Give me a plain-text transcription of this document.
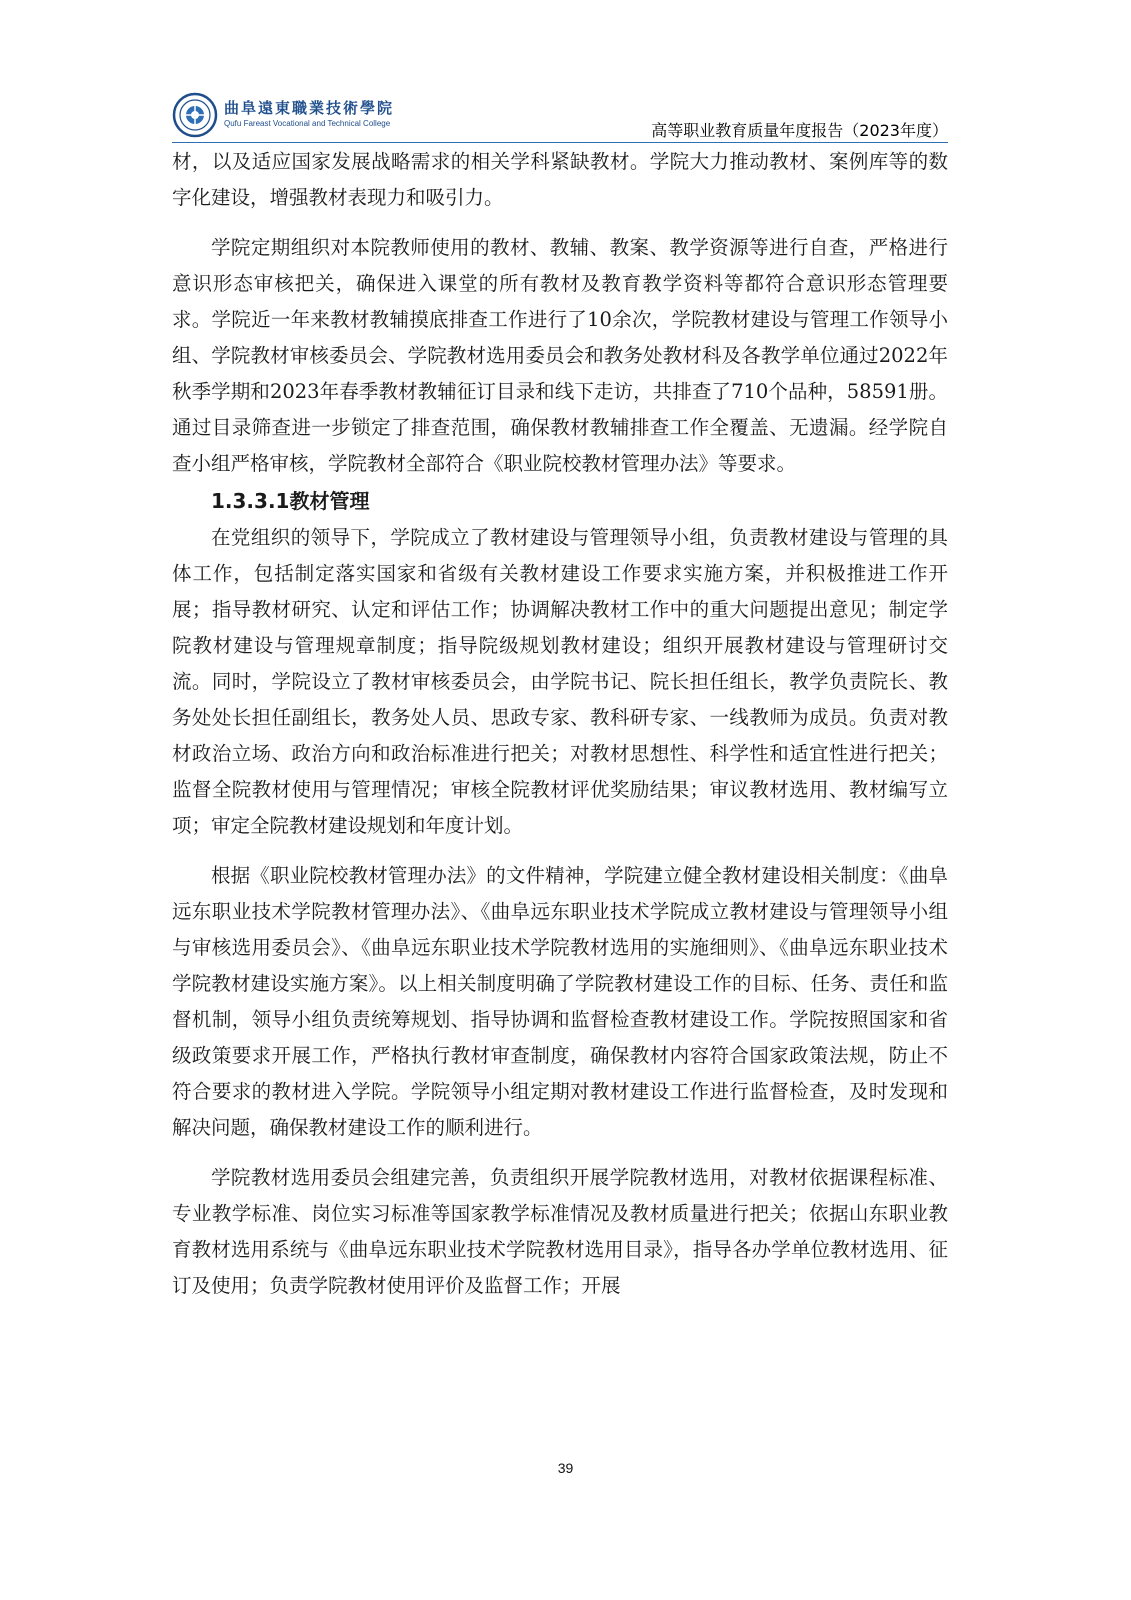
曲阜遠東職業技術學院
Qufu Fareast Vocational and Technical College	高等职业教育质量年度报告（2023年度）

材，以及适应国家发展战略需求的相关学科紧缺教材。学院大力推动教材、案例库等的数字化建设，增强教材表现力和吸引力。

学院定期组织对本院教师使用的教材、教辅、教案、教学资源等进行自查，严格进行意识形态审核把关，确保进入课堂的所有教材及教育教学资料等都符合意识形态管理要求。学院近一年来教材教辅摸底排查工作进行了10余次，学院教材建设与管理工作领导小组、学院教材审核委员会、学院教材选用委员会和教务处教材科及各教学单位通过2022年秋季学期和2023年春季教材教辅征订目录和线下走访，共排查了710个品种，58591册。通过目录筛查进一步锁定了排查范围，确保教材教辅排查工作全覆盖、无遗漏。经学院自查小组严格审核，学院教材全部符合《职业院校教材管理办法》等要求。

1.3.3.1教材管理

在党组织的领导下，学院成立了教材建设与管理领导小组，负责教材建设与管理的具体工作，包括制定落实国家和省级有关教材建设工作要求实施方案，并积极推进工作开展；指导教材研究、认定和评估工作；协调解决教材工作中的重大问题提出意见；制定学院教材建设与管理规章制度；指导院级规划教材建设；组织开展教材建设与管理研讨交流。同时，学院设立了教材审核委员会，由学院书记、院长担任组长，教学负责院长、教务处处长担任副组长，教务处人员、思政专家、教科研专家、一线教师为成员。负责对教材政治立场、政治方向和政治标准进行把关；对教材思想性、科学性和适宜性进行把关；监督全院教材使用与管理情况；审核全院教材评优奖励结果；审议教材选用、教材编写立项；审定全院教材建设规划和年度计划。

根据《职业院校教材管理办法》的文件精神，学院建立健全教材建设相关制度：《曲阜远东职业技术学院教材管理办法》、《曲阜远东职业技术学院成立教材建设与管理领导小组与审核选用委员会》、《曲阜远东职业技术学院教材选用的实施细则》、《曲阜远东职业技术学院教材建设实施方案》。以上相关制度明确了学院教材建设工作的目标、任务、责任和监督机制，领导小组负责统筹规划、指导协调和监督检查教材建设工作。学院按照国家和省级政策要求开展工作，严格执行教材审查制度，确保教材内容符合国家政策法规，防止不符合要求的教材进入学院。学院领导小组定期对教材建设工作进行监督检查，及时发现和解决问题，确保教材建设工作的顺利进行。

学院教材选用委员会组建完善，负责组织开展学院教材选用，对教材依据课程标准、专业教学标准、岗位实习标准等国家教学标准情况及教材质量进行把关；依据山东职业教育教材选用系统与《曲阜远东职业技术学院教材选用目录》，指导各办学单位教材选用、征订及使用；负责学院教材使用评价及监督工作；开展

39
